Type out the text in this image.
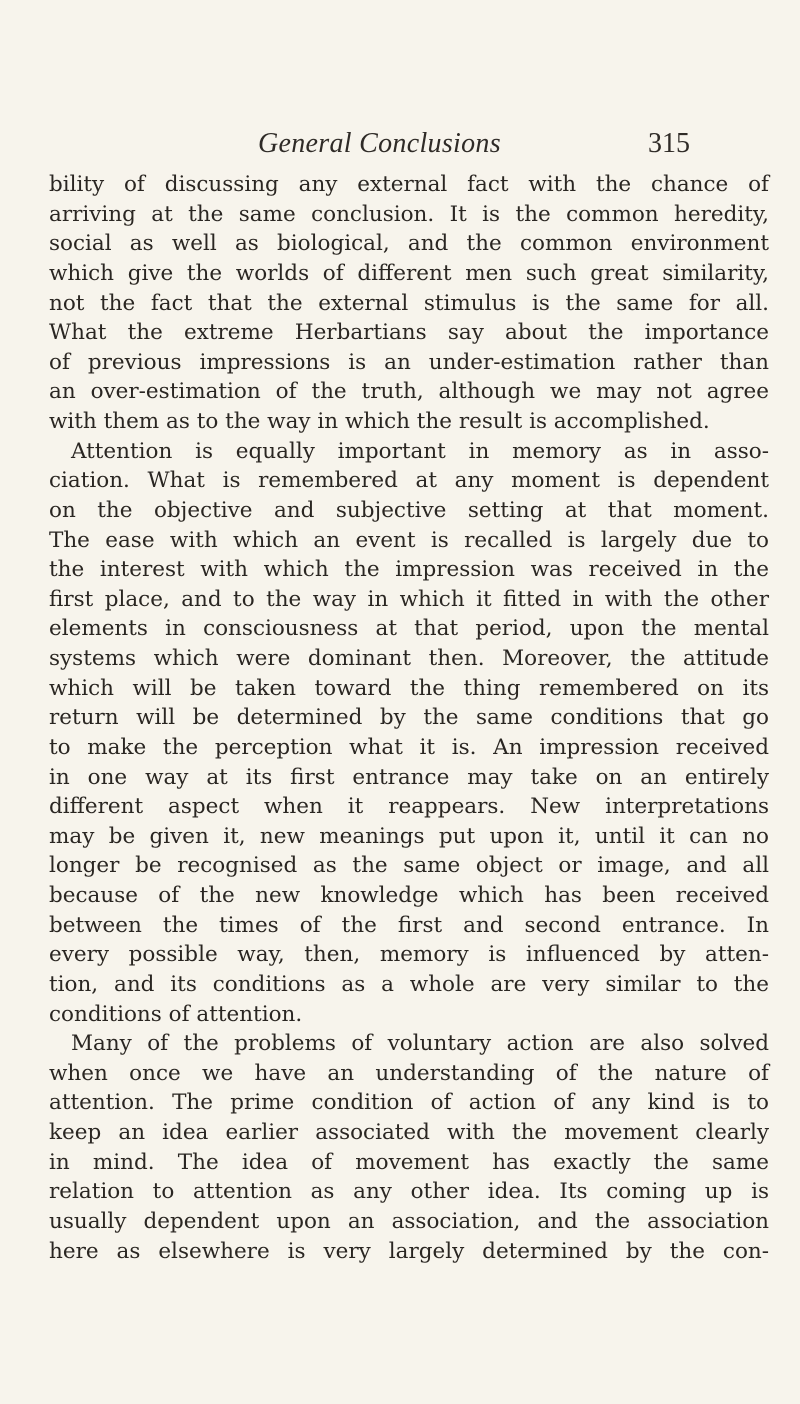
General Conclusions	315
bility of discussing any external fact with the chance of
arriving at the same conclusion. It is the common heredity,
social as well as biological, and the common environment
which give the worlds of different men such great similarity,
not the fact that the external stimulus is the same for all.
What the extreme Herbartians say about the importance
of previous impressions is an under-estimation rather than
an over-estimation of the truth, although we may not agree
with them as to the way in which the result is accomplished.
Attention is equally important in memory as in asso-
ciation. What is remembered at any moment is dependent
on the objective and subjective setting at that moment.
The ease with which an event is recalled is largely due to
the interest with which the impression was received in the
first place, and to the way in which it fitted in with the other
elements in consciousness at that period, upon the mental
systems which were dominant then. Moreover, the attitude
which will be taken toward the thing remembered on its
return will be determined by the same conditions that go
to make the perception what it is. An impression received
in one way at its first entrance may take on an entirely
different aspect when it reappears. New interpretations
may be given it, new meanings put upon it, until it can no
longer be recognised as the same object or image, and all
because of the new knowledge which has been received
between the times of the first and second entrance. In
every possible way, then, memory is influenced by atten-
tion, and its conditions as a whole are very similar to the
conditions of attention.
Many of the problems of voluntary action are also solved
when once we have an understanding of the nature of
attention. The prime condition of action of any kind is to
keep an idea earlier associated with the movement clearly
in mind. The idea of movement has exactly the same
relation to attention as any other idea. Its coming up is
usually dependent upon an association, and the association
here as elsewhere is very largely determined by the con-
